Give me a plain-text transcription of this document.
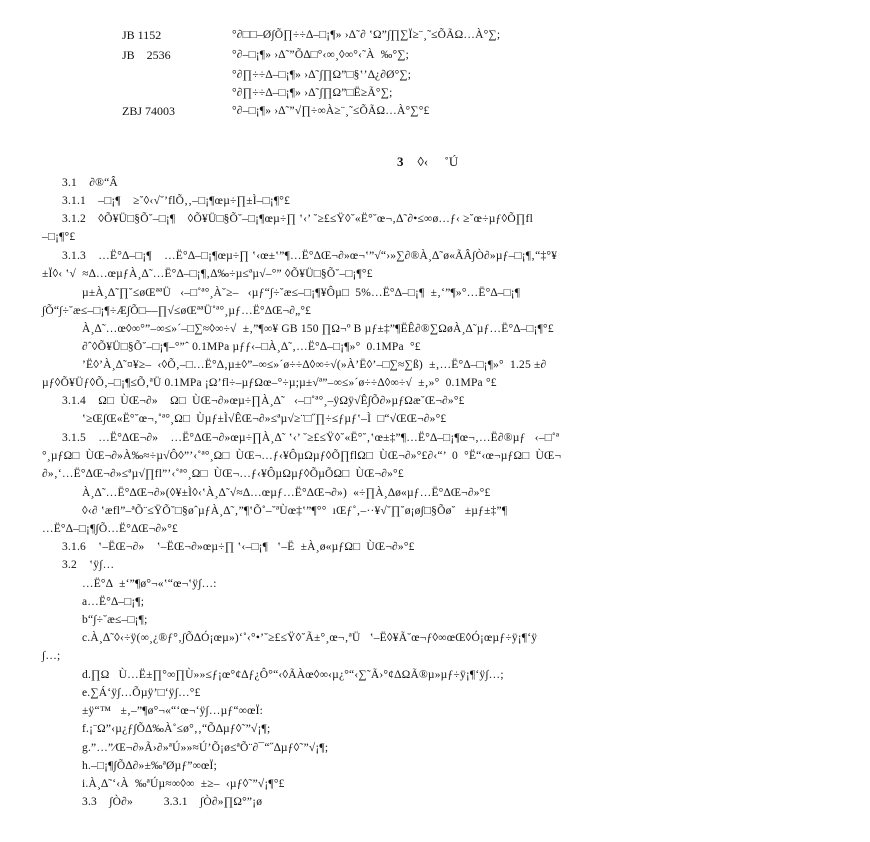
JB 1152	°∂□□–Ø∫Õ∏÷÷∆–□¡¶» ›∆˜∂ ‛Ω”∫∏∑Ï≥¨¸˜≤ÕÃΩ…À°∑;
JB    2536	°∂–□¡¶» ›∆˜”Õ∆□°‹∞¸◊∞°‹˜À  ‰°∑;
°∂∏÷÷∆–□¡¶» ›∆˜∫∏Ω”□§‛’∆¿∂Ø°∑;
°∂∏÷÷∆–□¡¶» ›∆˜∫∏Ω”□Ë≥Ã°∑;
ZBJ 74003	°∂–□¡¶» ›∆˜”√∏÷∞À≥¨¸˜≤ÕÃΩ…À°∑°£

3 ◊‹     ˚Ú

3.1    ∂®“Â
3.1.1    –□¡¶    ≥˘◊‹√˘’flÕ‚‚–□¡¶œµ÷∏±Ì–□¡¶°£
3.1.2    ◊Õ¥Ü□§Õ˘–□¡¶    ◊Õ¥Ü□§Õ˘–□¡¶œµ÷∏ ‛‹’ ˘≥£≤Ÿ◊˘«Ë°˘œ¬‚∆˜∂•≤∞ø…ƒ‹ ≥˘œ÷µƒ◊Õ∏fl
–□¡¶°£
3.1.3    …Ë°∆–□¡¶    …Ë°∆–□¡¶œµ÷∏ ‛‹œ±‛”¶…Ë°∆Œ¬∂»œ¬‛”√“›»∑∂®À¸∆˜ø«ÃÂ∫Ò∂»µƒ–□¡¶‚“‡°¥
±Ï◊‹ ‛√  ≈∆…œµƒÀ¸∆˜…Ë°∆–□¡¶‚∆‰÷µ≤ªµ√–°” ◊Õ¥Ü□§Õ˘–□¡¶°£
µ±À¸∆˜∏˘≤øŒªªÜ   ‹–□˚ª°¸À˘≥–   ‹µƒ“∫÷˘æ≤–□¡¶¥Ôµ□  5%…Ë°∆–□¡¶  ±‚‘”¶»°…Ë°∆–□¡¶
∫Õ“∫÷˘æ≤–□¡¶÷Æ∫Õ□––∏√≤øŒªªÜ˚ª°¸µƒ…Ë°∆Œ¬∂„°£
À¸∆˜…œ◊∞°”–∞≤»´–□∑≈◊∞÷√  ±‚”¶∞¥ GB 150 ∏Ω¬º B µƒ±‡”¶ËÊ∂®∑ΩøÀ¸∆˜µƒ…Ë°∆–□¡¶°£
∂ˆ◊Õ¥Ü□§Õ˘–□¡¶–°”ˆ 0.1MPa µƒƒ‹–□À¸∆˜‚…Ë°∆–□¡¶»°  0.1MPa  °£
’Ë◊’À¸∆˜¤¥≥–  ‹◊Õ‚–□…Ë°∆‚µ±◊”–∞≤»´ø÷÷∆◊∞÷√(»À’Ë◊’–□∑≈∑ß)  ±‚…Ë°∆–□¡¶»°  1.25 ±∂
µƒ◊Õ¥Üƒ◊Õ‚–□¡¶≤Õ‚ªÜ 0.1MPa ¡Ω’fl÷–µƒΩœ–°÷µ;µ±√ª”–∞≤»´ø÷÷∆◊∞÷√  ±‚»°  0.1MPa °£
3.1.4    Ω□  ÙŒ¬∂»    Ω□  ÙŒ¬∂»œµ÷∏À¸∆˜   ‹–□˚ª°¸–ÿΩÿ√Ê∫Õ∂»µƒΩæ˘Œ¬∂»°£
‛≥Œ∫Œ«Ë°˘œ¬‚˚ª°¸Ω□  Ùµƒ±Ì√ÊŒ¬∂»≤ªµ√≥¨□˝∏÷≤ƒµƒ‛–Ì  □“√ŒŒ¬∂»°£
3.1.5    …Ë°∆Œ¬∂»    …Ë°∆Œ¬∂»œµ÷∏À¸∆˜ ‛‹’ ˘≥£≤Ÿ◊˘«Ë°˘‚‛œ±‡”¶…Ë°∆–□¡¶œ¬‚…Ë∂®µƒ   ‹–□˚ª
°¸µƒΩ□  ÙŒ¬∂»À‰≈÷µ√Ô◊”’‹˚ª°¸Ω□  ÙŒ¬…ƒ‹¥ÔµΩµƒ◊Õ∏flΩ□  ÙŒ¬∂»°£∂‹“’  0  °Ë“‹œ¬µƒΩ□  ÙŒ¬
∂»‚‘…Ë°∆Œ¬∂»≤ªµ√∏fl”’‹˚ª°¸Ω□  ÙŒ¬…ƒ‹¥ÔµΩµƒ◊ÕµÕΩ□  ÙŒ¬∂»°£
À¸∆˜…Ë°∆Œ¬∂»(◊¥±Ì◊‹‛À¸∆˜√≈∆…œµƒ…Ë°∆Œ¬∂»)  «÷∏À¸∆ø«µƒ…Ë°∆Œ¬∂»°£
◊‹∂ ‛æfl”–ªÕ¨≤ŸÕ˘□§øˆµƒÀ¸∆˜‚”¶‛Õ˚–˘ªÙœ‡‛”¶°°  ıŒƒ˚‚–··¥√˘∏˘ø¡ø∫□§Õø˘   ±µƒ±‡”¶
…Ë°∆–□¡¶∫Õ…Ë°∆Œ¬∂»°£
3.1.6    ‛–ËŒ¬∂»    ‛–ËŒ¬∂»œµ÷∏ ‛‹–□¡¶   ‛–Ë  ±À¸ø«µƒΩ□  ÙŒ¬∂»°£
3.2    ‛ÿ∫…
…Ë°∆  ±‘”¶ø°¬«‛“œ¬‛ÿ∫…:
a…Ë°∆–□¡¶;
b“∫÷˘æ≤–□¡¶;
c.À¸∆˜◊‹÷ÿ(∞¸¿®ƒ°‚∫Õ∆Ó¡œµ»)‘˚‹°•’˘≥£≤Ÿ◊˘Ã±°¸œ¬‚ªÜ   ‛–Ë◊¥Ã˘œ¬ƒ◊∞œŒ◊Ó¡œµƒ÷ÿ¡¶‘ÿ
∫…;
d.∏Ω   Ù…Ë±∏°∞∏Ù»»≤ƒ¡œ°¢∆ƒ¿Ô°“‹◊ÃÀœ◊∞‹µ¿°“‹∑˜Ã›°¢ΔΩÃ®µ»µƒ÷ÿ¡¶‘ÿ∫…;
e.∑Á‘ÿ∫…Õµÿ’□‘ÿ∫…°£
±ÿ“™   ±‚–”¶ø°¬«“‘œ¬‘ÿ∫…µƒ“∞œÏ:
f.¡¨Ω”‹µ¿ƒ∫Õ∆‰À˚≤ø°‚‚“Õ∆µƒ◊˜”√¡¶;
g.”…”⁄Œ¬∂»Ã›∂»ªÚ»»≈Ú’Õ¡ø≤ªÕ¨∂¯“˝∆µƒ◊˜”√¡¶;
h.–□¡¶∫Õ∆∂»±‰ªØµƒ”∞œÏ;
i.À¸∆˜‘‹À  ‰ªÚµ≈∞◊∞  ±≥–  ‹µƒ◊˜”√¡¶°£
3.3    ∫Ò∂»          3.3.1    ∫Ò∂»∏Ω°”¡ø
